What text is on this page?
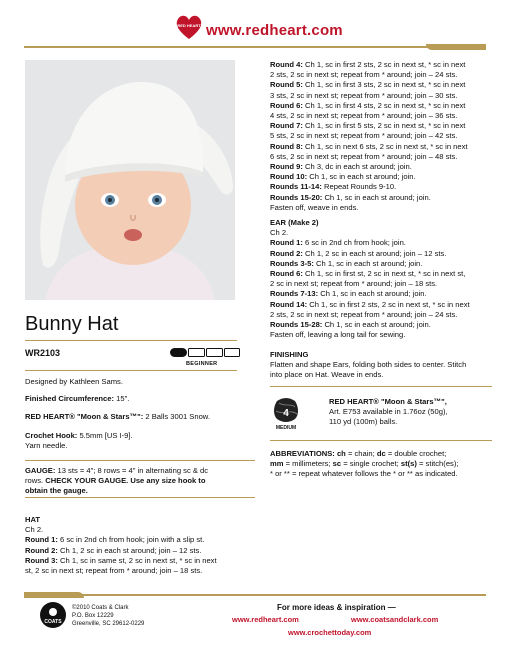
RED HEART www.redheart.com
Bunny Hat
WR2103
BEGINNER
Designed by Kathleen Sams.
Finished Circumference: 15".
RED HEART® "Moon & Stars™": 2 Balls 3001 Snow.
Crochet Hook: 5.5mm [US I-9].
Yarn needle.
GAUGE: 13 sts = 4"; 8 rows = 4" in alternating sc & dc
rows. CHECK YOUR GAUGE. Use any size hook to
obtain the gauge.
HAT
Ch 2.
Round 1: 6 sc in 2nd ch from hook; join with a slip st.
Round 2: Ch 1, 2 sc in each st around; join – 12 sts.
Round 3: Ch 1, sc in same st, 2 sc in next st, * sc in next
st, 2 sc in next st; repeat from * around; join – 18 sts.
Round 4: Ch 1, sc in first 2 sts, 2 sc in next st, * sc in next
2 sts, 2 sc in next st; repeat from * around; join – 24 sts.
Round 5: Ch 1, sc in first 3 sts, 2 sc in next st, * sc in next
3 sts, 2 sc in next st; repeat from * around; join – 30 sts.
Round 6: Ch 1, sc in first 4 sts, 2 sc in next st, * sc in next
4 sts, 2 sc in next st; repeat from * around; join – 36 sts.
Round 7: Ch 1, sc in first 5 sts, 2 sc in next st, * sc in next
5 sts, 2 sc in next st; repeat from * around; join – 42 sts.
Round 8: Ch 1, sc in next 6 sts, 2 sc in next st, * sc in next
6 sts, 2 sc in next st; repeat from * around; join – 48 sts.
Round 9: Ch 3, dc in each st around; join.
Round 10: Ch 1, sc in each st around; join.
Rounds 11-14: Repeat Rounds 9-10.
Rounds 15-20: Ch 1, sc in each st around; join.
Fasten off, weave in ends.
EAR (Make 2)
Ch 2.
Round 1: 6 sc in 2nd ch from hook; join.
Round 2: Ch 1, 2 sc in each st around; join – 12 sts.
Rounds 3-5: Ch 1, sc in each st around; join.
Round 6: Ch 1, sc in first st, 2 sc in next st, * sc in next st,
2 sc in next st; repeat from * around; join – 18 sts.
Rounds 7-13: Ch 1, sc in each st around; join.
Round 14: Ch 1, sc in first 2 sts, 2 sc in next st, * sc in next
2 sts, 2 sc in next st; repeat from * around; join – 24 sts.
Rounds 15-28: Ch 1, sc in each st around; join.
Fasten off, leaving a long tail for sewing.
FINISHING
Flatten and shape Ears, folding both sides to center. Stitch
into place on Hat. Weave in ends.
4
MEDIUM
RED HEART® "Moon & Stars™",
Art. E753 available in 1.76oz (50g),
110 yd (100m) balls.
ABBREVIATIONS: ch = chain; dc = double crochet;
mm = millimeters; sc = single crochet; st(s) = stitch(es);
* or ** = repeat whatever follows the * or ** as indicated.
COATS
©2010 Coats & Clark
P.O. Box 12229
Greenville, SC 29612-0229
For more ideas & inspiration —
www.redheart.com	www.coatsandclark.com
www.crochettoday.com
